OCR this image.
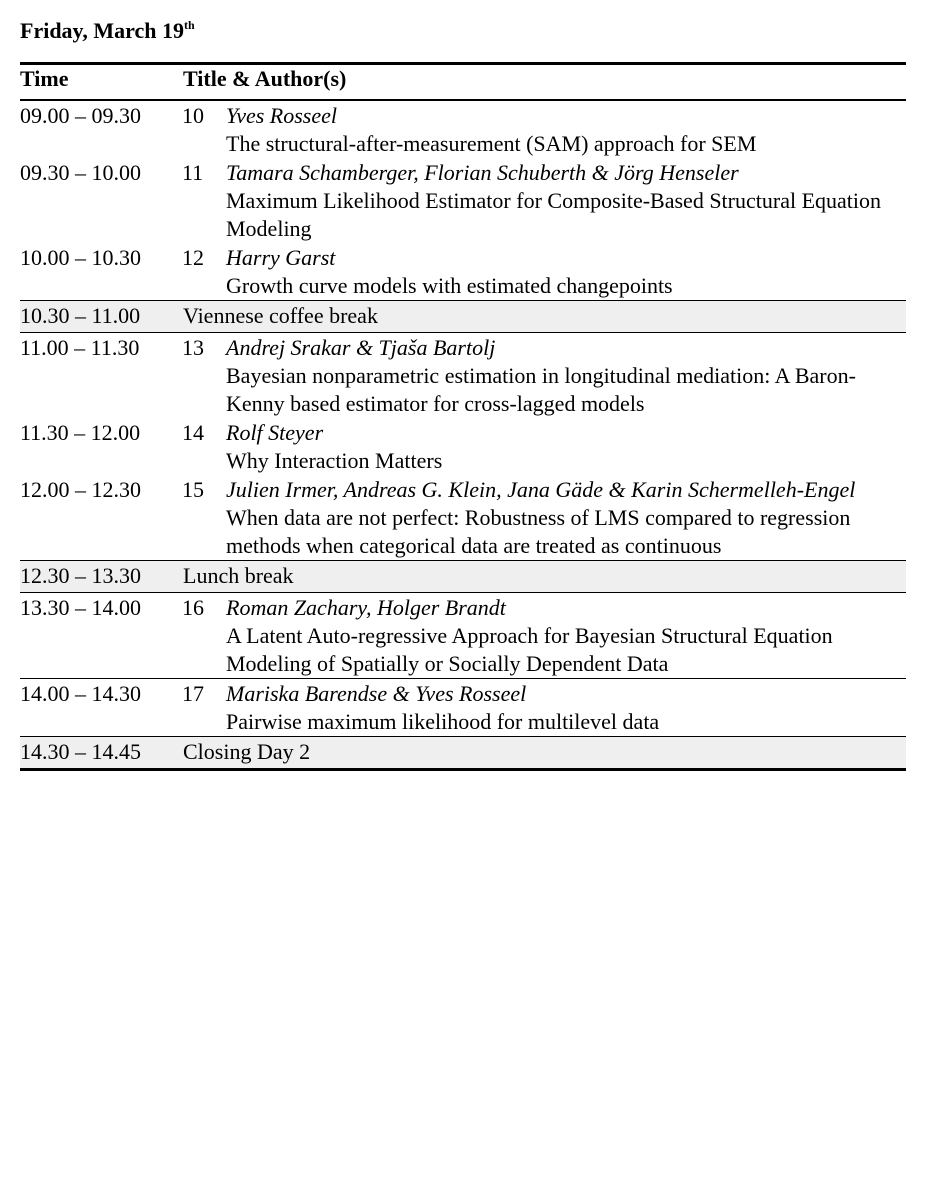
Friday, March 19th
Time	Title & Author(s)	
09.00 – 09.30	10	Yves Rosseel
		The structural-after-measurement (SAM) approach for SEM
09.30 – 10.00	11	Tamara Schamberger, Florian Schuberth & Jörg Henseler
		Maximum Likelihood Estimator for Composite-Based Structural Equation Modeling
10.00 – 10.30	12	Harry Garst
		Growth curve models with estimated changepoints
10.30 – 11.00	Viennese coffee break	
11.00 – 11.30	13	Andrej Srakar & Tjaša Bartolj
		Bayesian nonparametric estimation in longitudinal mediation: A Baron-Kenny based estimator for cross-lagged models
11.30 – 12.00	14	Rolf Steyer
		Why Interaction Matters
12.00 – 12.30	15	Julien Irmer, Andreas G. Klein, Jana Gäde & Karin Schermelleh-Engel
		When data are not perfect: Robustness of LMS compared to regression methods when categorical data are treated as continuous
12.30 – 13.30	Lunch break	
13.30 – 14.00	16	Roman Zachary, Holger Brandt
		A Latent Auto-regressive Approach for Bayesian Structural Equation Modeling of Spatially or Socially Dependent Data
14.00 – 14.30	17	Mariska Barendse & Yves Rosseel
		Pairwise maximum likelihood for multilevel data
14.30 – 14.45	Closing Day 2	
